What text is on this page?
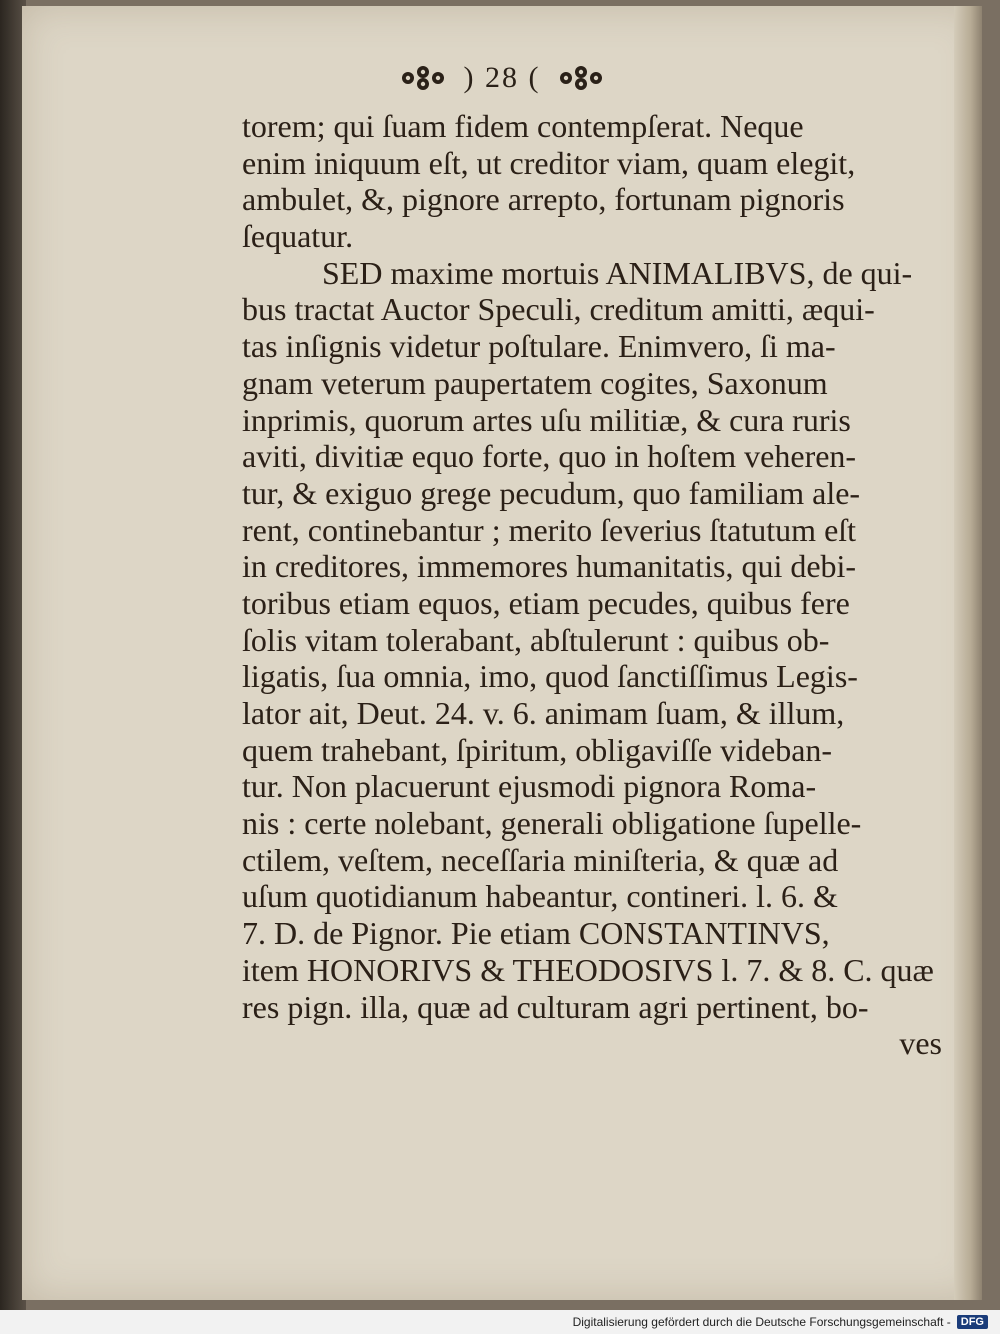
) 28 (
torem; qui ſuam fidem contempſerat. Neque
enim iniquum eſt, ut creditor viam, quam elegit,
ambulet, &, pignore arrepto, fortunam pignoris
ſequatur.
SED maxime mortuis ANIMALIBVS, de qui-
bus tractat Auctor Speculi, creditum amitti, æqui-
tas inſignis videtur poſtulare. Enimvero, ſi ma-
gnam veterum paupertatem cogites, Saxonum
inprimis, quorum artes uſu militiæ, & cura ruris
aviti, divitiæ equo forte, quo in hoſtem veheren-
tur, & exiguo grege pecudum, quo familiam ale-
rent, continebantur ; merito ſeverius ſtatutum eſt
in creditores, immemores humanitatis, qui debi-
toribus etiam equos, etiam pecudes, quibus fere
ſolis vitam tolerabant, abſtulerunt : quibus ob-
ligatis, ſua omnia, imo, quod ſanctiſſimus Legis-
lator ait, Deut. 24. v. 6. animam ſuam, & illum,
quem trahebant, ſpiritum, obligaviſſe videban-
tur. Non placuerunt ejusmodi pignora Roma-
nis : certe nolebant, generali obligatione ſupelle-
ctilem, veſtem, neceſſaria miniſteria, & quæ ad
uſum quotidianum habeantur, contineri. l. 6. &
7. D. de Pignor. Pie etiam CONSTANTINVS,
item HONORIVS & THEODOSIVS l. 7. & 8. C. quæ
res pign. illa, quæ ad culturam agri pertinent, bo-
ves
Digitalisierung gefördert durch die Deutsche Forschungsgemeinschaft - DFG
